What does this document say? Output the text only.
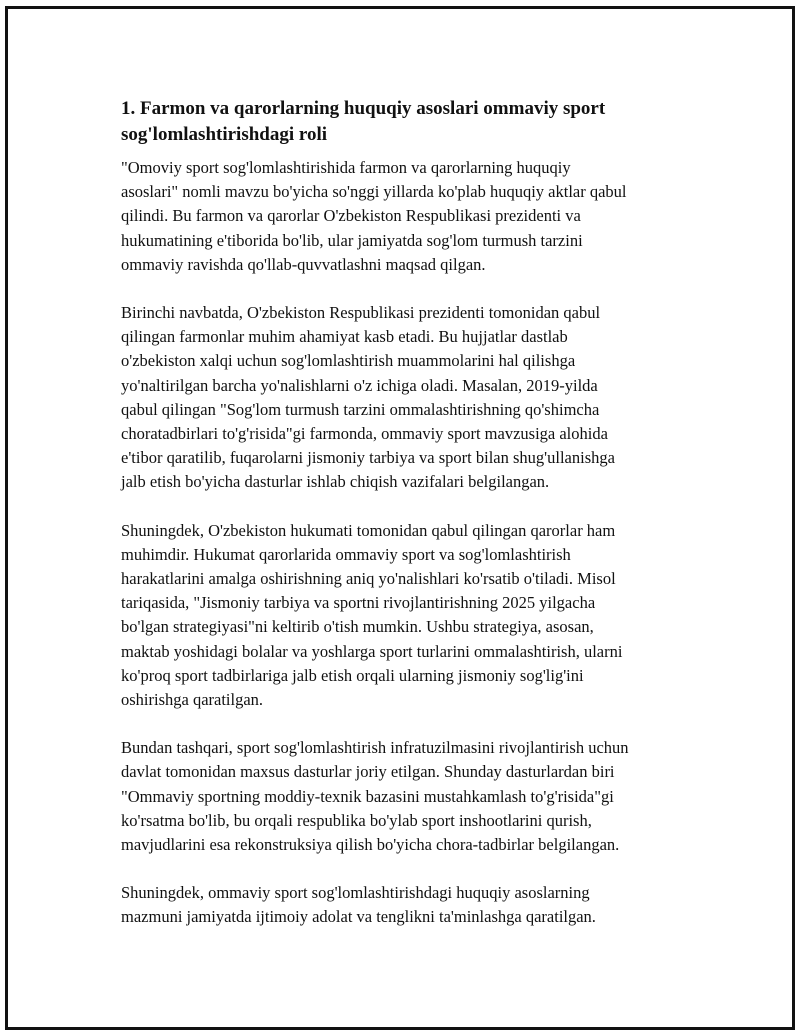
1. Farmon va qarorlarning huquqiy asoslari ommaviy sport
sog'lomlashtirishdagi roli

"Omoviy sport sog'lomlashtirishida farmon va qarorlarning huquqiy
asoslari" nomli mavzu bo'yicha so'nggi yillarda ko'plab huquqiy aktlar qabul
qilindi. Bu farmon va qarorlar O'zbekiston Respublikasi prezidenti va
hukumatining e'tiborida bo'lib, ular jamiyatda sog'lom turmush tarzini
ommaviy ravishda qo'llab-quvvatlashni maqsad qilgan.

Birinchi navbatda, O'zbekiston Respublikasi prezidenti tomonidan qabul
qilingan farmonlar muhim ahamiyat kasb etadi. Bu hujjatlar dastlab
o'zbekiston xalqi uchun sog'lomlashtirish muammolarini hal qilishga
yo'naltirilgan barcha yo'nalishlarni o'z ichiga oladi. Masalan, 2019-yilda
qabul qilingan "Sog'lom turmush tarzini ommalashtirishning qo'shimcha
choratadbirlari to'g'risida"gi farmonda, ommaviy sport mavzusiga alohida
e'tibor qaratilib, fuqarolarni jismoniy tarbiya va sport bilan shug'ullanishga
jalb etish bo'yicha dasturlar ishlab chiqish vazifalari belgilangan.

Shuningdek, O'zbekiston hukumati tomonidan qabul qilingan qarorlar ham
muhimdir. Hukumat qarorlarida ommaviy sport va sog'lomlashtirish
harakatlarini amalga oshirishning aniq yo'nalishlari ko'rsatib o'tiladi. Misol
tariqasida, "Jismoniy tarbiya va sportni rivojlantirishning 2025 yilgacha
bo'lgan strategiyasi"ni keltirib o'tish mumkin. Ushbu strategiya, asosan,
maktab yoshidagi bolalar va yoshlarga sport turlarini ommalashtirish, ularni
ko'proq sport tadbirlariga jalb etish orqali ularning jismoniy sog'lig'ini
oshirishga qaratilgan.

Bundan tashqari, sport sog'lomlashtirish infratuzilmasini rivojlantirish uchun
davlat tomonidan maxsus dasturlar joriy etilgan. Shunday dasturlardan biri
"Ommaviy sportning moddiy-texnik bazasini mustahkamlash to'g'risida"gi
ko'rsatma bo'lib, bu orqali respublika bo'ylab sport inshootlarini qurish,
mavjudlarini esa rekonstruksiya qilish bo'yicha chora-tadbirlar belgilangan.

Shuningdek, ommaviy sport sog'lomlashtirishdagi huquqiy asoslarning
mazmuni jamiyatda ijtimoiy adolat va tenglikni ta'minlashga qaratilgan.
